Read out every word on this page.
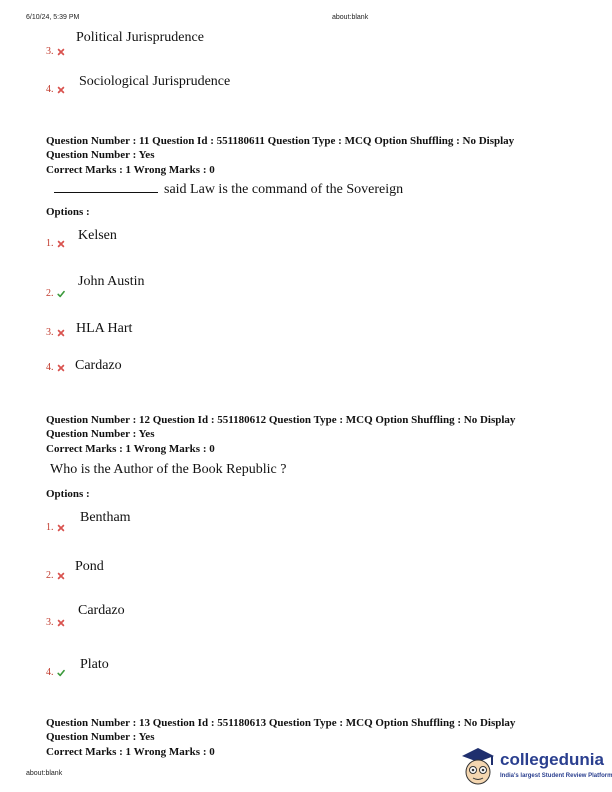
6/10/24, 5:39 PM	about:blank
3.
Political Jurisprudence
4.
Sociological Jurisprudence
Question Number : 11 Question Id : 551180611 Question Type : MCQ Option Shuffling : No Display
Question Number : Yes
Correct Marks : 1 Wrong Marks : 0
said Law is the command of the Sovereign
Options :
1.
Kelsen
2.
John Austin
3.	HLA Hart
4.	Cardazo
Question Number : 12 Question Id : 551180612 Question Type : MCQ Option Shuffling : No Display
Question Number : Yes
Correct Marks : 1 Wrong Marks : 0
Who is the Author of the Book Republic ?
Options :
1.
Bentham
2.
Pond
3.
Cardazo
4.
Plato
Question Number : 13 Question Id : 551180613 Question Type : MCQ Option Shuffling : No Display
Question Number : Yes
Correct Marks : 1 Wrong Marks : 0
about:blank
collegedunia
India's largest Student Review Platform
